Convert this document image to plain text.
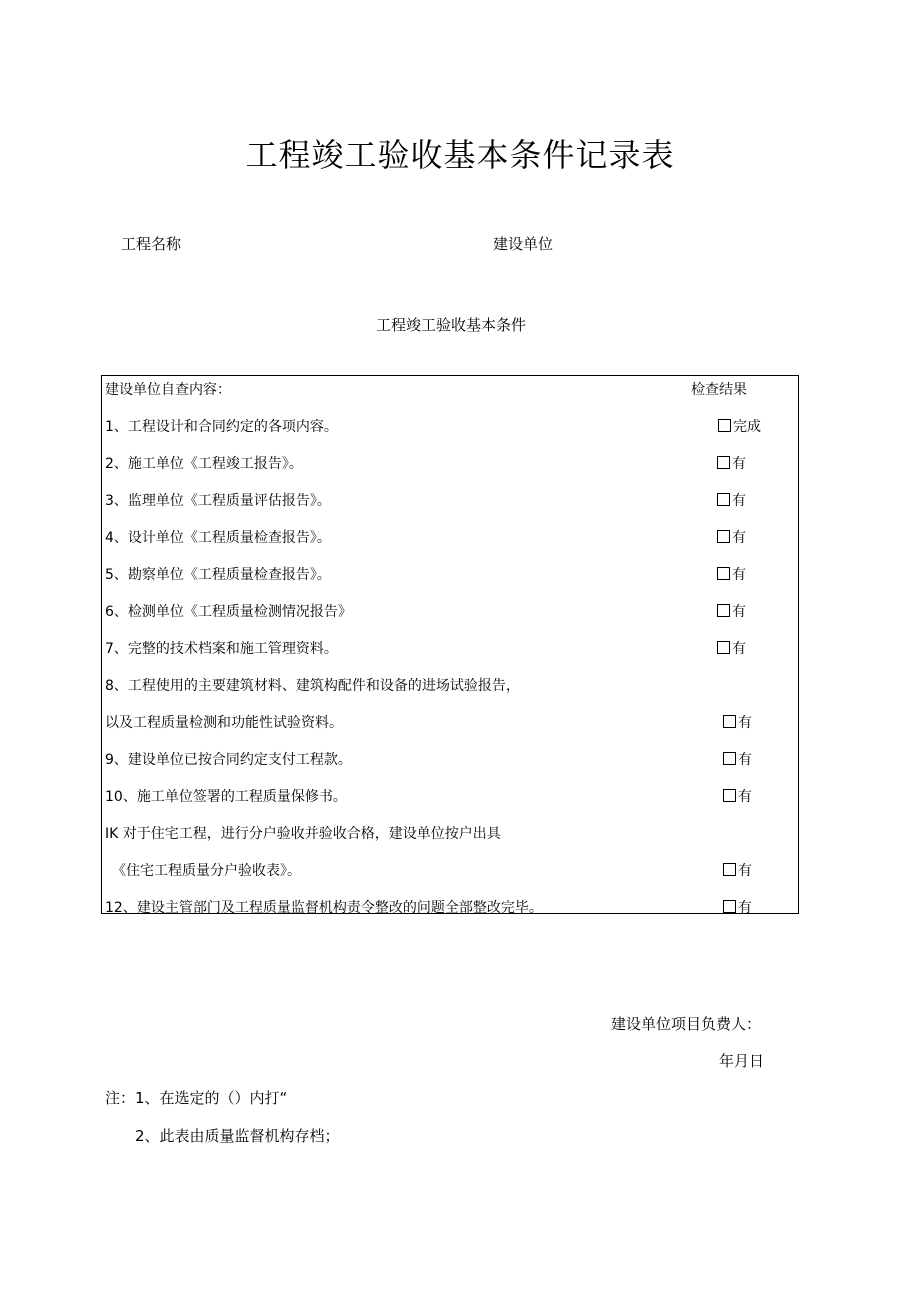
工程竣工验收基本条件记录表
工程名称	建设单位
工程竣工验收基本条件
建设单位自查内容：	检查结果
1、工程设计和合同约定的各项内容。	完成
2、施工单位《工程竣工报告》。	有
3、监理单位《工程质量评估报告》。	有
4、设计单位《工程质量检查报告》。	有
5、勘察单位《工程质量检查报告》。	有
6、检测单位《工程质量检测情况报告》	有
7、完整的技术档案和施工管理资料。	有
8、工程使用的主要建筑材料、建筑构配件和设备的进场试验报告，
以及工程质量检测和功能性试验资料。	有
9、建设单位已按合同约定支付工程款。	有
10、施工单位签署的工程质量保修书。	有
IK 对于住宅工程，进行分户验收并验收合格，建设单位按户出具
　《住宅工程质量分户验收表》。	有
12、建设主管部门及工程质量监督机构责令整改的问题全部整改完毕。	有
建设单位项目负费人：
年月日
注：1、在选定的（）内打“
2、此表由质量监督机构存档；
